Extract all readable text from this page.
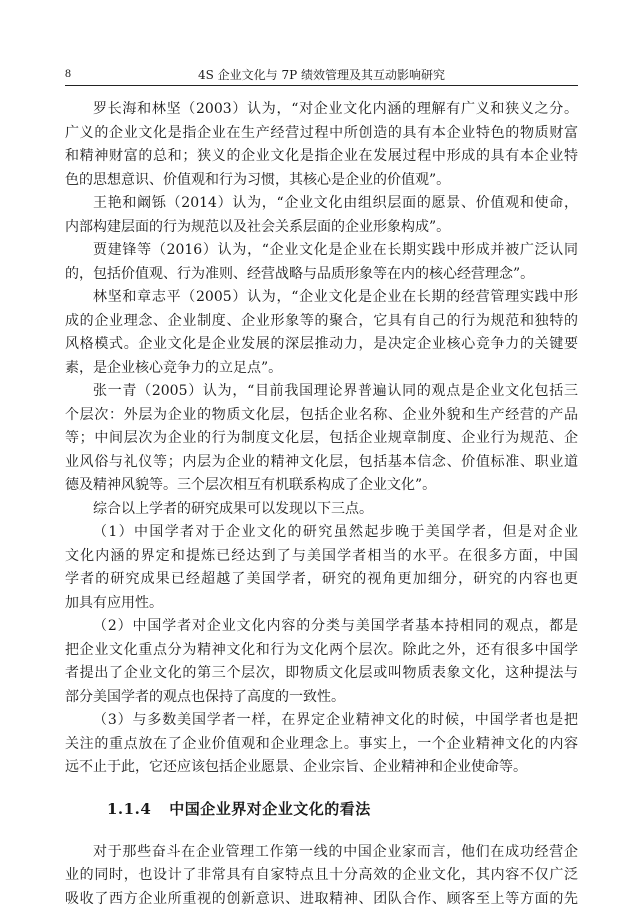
8	4S 企业文化与 7P 绩效管理及其互动影响研究
罗长海和林坚（2003）认为，“对企业文化内涵的理解有广义和狭义之分。
广义的企业文化是指企业在生产经营过程中所创造的具有本企业特色的物质财富
和精神财富的总和；狭义的企业文化是指企业在发展过程中形成的具有本企业特
色的思想意识、价值观和行为习惯，其核心是企业的价值观”。
王艳和阚铄（2014）认为，“企业文化由组织层面的愿景、价值观和使命，
内部构建层面的行为规范以及社会关系层面的企业形象构成”。
贾建锋等（2016）认为，“企业文化是企业在长期实践中形成并被广泛认同
的，包括价值观、行为准则、经营战略与品质形象等在内的核心经营理念”。
林坚和章志平（2005）认为，“企业文化是企业在长期的经营管理实践中形
成的企业理念、企业制度、企业形象等的聚合，它具有自己的行为规范和独特的
风格模式。企业文化是企业发展的深层推动力，是决定企业核心竞争力的关键要
素，是企业核心竞争力的立足点”。
张一青（2005）认为，“目前我国理论界普遍认同的观点是企业文化包括三
个层次：外层为企业的物质文化层，包括企业名称、企业外貌和生产经营的产品
等；中间层次为企业的行为制度文化层，包括企业规章制度、企业行为规范、企
业风俗与礼仪等；内层为企业的精神文化层，包括基本信念、价值标准、职业道
德及精神风貌等。三个层次相互有机联系构成了企业文化”。
综合以上学者的研究成果可以发现以下三点。
（1）中国学者对于企业文化的研究虽然起步晚于美国学者，但是对企业
文化内涵的界定和提炼已经达到了与美国学者相当的水平。在很多方面，中国
学者的研究成果已经超越了美国学者，研究的视角更加细分，研究的内容也更
加具有应用性。
（2）中国学者对企业文化内容的分类与美国学者基本持相同的观点，都是
把企业文化重点分为精神文化和行为文化两个层次。除此之外，还有很多中国学
者提出了企业文化的第三个层次，即物质文化层或叫物质表象文化，这种提法与
部分美国学者的观点也保持了高度的一致性。
（3）与多数美国学者一样，在界定企业精神文化的时候，中国学者也是把
关注的重点放在了企业价值观和企业理念上。事实上，一个企业精神文化的内容
远不止于此，它还应该包括企业愿景、企业宗旨、企业精神和企业使命等。
1.1.4 中国企业界对企业文化的看法
对于那些奋斗在企业管理工作第一线的中国企业家而言，他们在成功经营企
业的同时，也设计了非常具有自家特点且十分高效的企业文化，其内容不仅广泛
吸收了西方企业所重视的创新意识、进取精神、团队合作、顾客至上等方面的先
